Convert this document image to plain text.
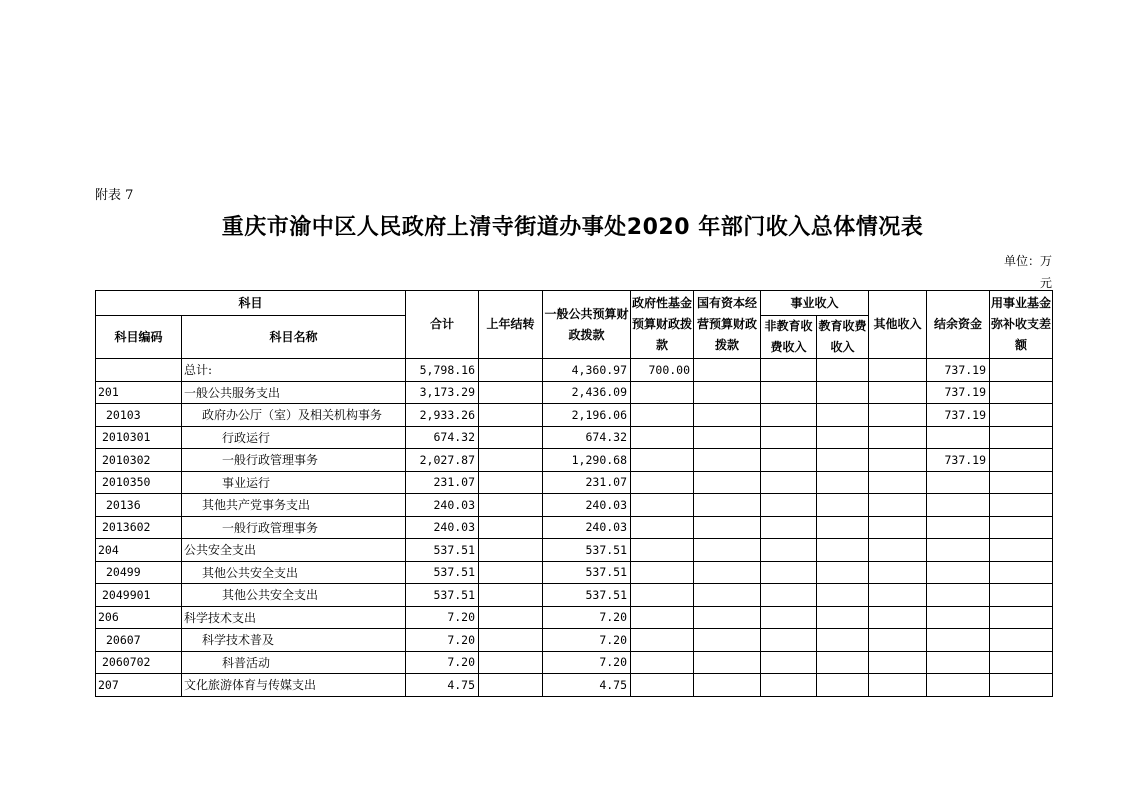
附表 7
重庆市渝中区人民政府上清寺街道办事处2020 年部门收入总体情况表
单位：万
元
科目		合计	上年结转	一般公共预算财政拨款	政府性基金预算财政拨款	国有资本经营预算财政拨款	事业收入		其他收入	结余资金	用事业基金弥补收支差额
科目编码	科目名称						非教育收费收入	教育收费收入			
	总计:	5,798.16		4,360.97	700.00					737.19	
201	一般公共服务支出	3,173.29		2,436.09						737.19	
20103	政府办公厅（室）及相关机构事务	2,933.26		2,196.06						737.19	
2010301	行政运行	674.32		674.32							
2010302	一般行政管理事务	2,027.87		1,290.68						737.19	
2010350	事业运行	231.07		231.07							
20136	其他共产党事务支出	240.03		240.03							
2013602	一般行政管理事务	240.03		240.03							
204	公共安全支出	537.51		537.51							
20499	其他公共安全支出	537.51		537.51							
2049901	其他公共安全支出	537.51		537.51							
206	科学技术支出	7.20		7.20							
20607	科学技术普及	7.20		7.20							
2060702	科普活动	7.20		7.20							
207	文化旅游体育与传媒支出	4.75		4.75							
